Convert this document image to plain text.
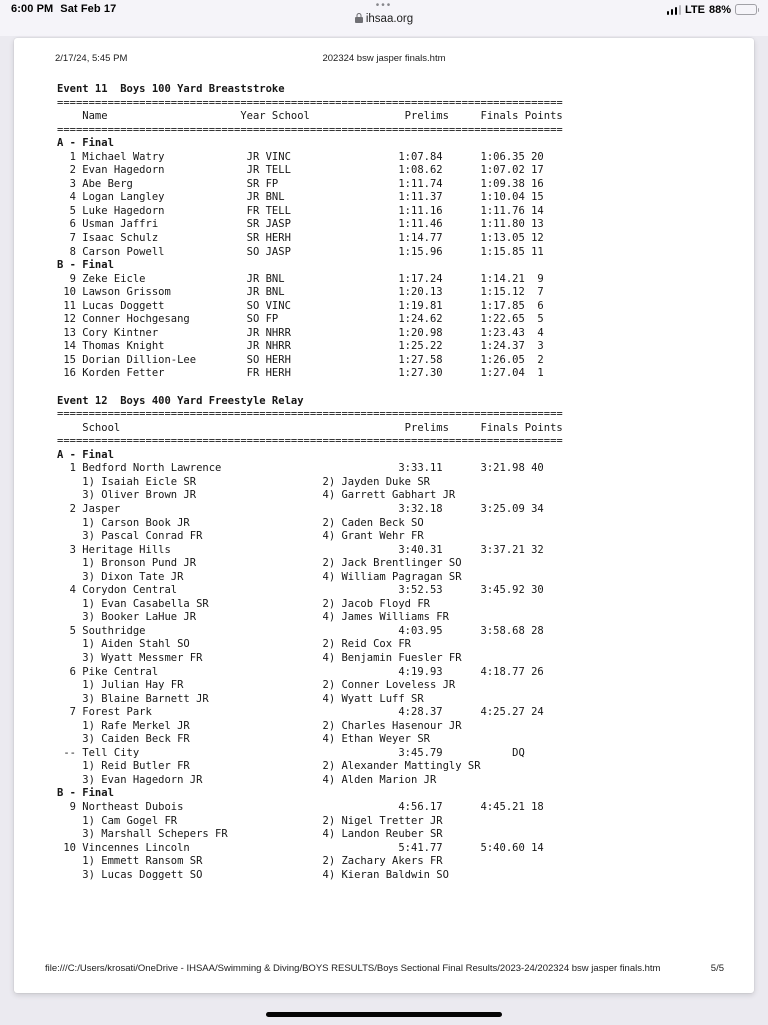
6:00 PM Sat Feb 17	•••
ihsaa.org
LTE 88%
2/17/24, 5:45 PM	202324 bsw jasper finals.htm
Event 11  Boys 100 Yard Breaststroke
================================================================================
Name                     Year School               Prelims     Finals Points
================================================================================
A - Final
1 Michael Watry             JR VINC                 1:07.84      1:06.35 20
2 Evan Hagedorn             JR TELL                 1:08.62      1:07.02 17
3 Abe Berg                  SR FP                   1:11.74      1:09.38 16
4 Logan Langley             JR BNL                  1:11.37      1:10.04 15
5 Luke Hagedorn             FR TELL                 1:11.16      1:11.76 14
6 Usman Jaffri              SR JASP                 1:11.46      1:11.80 13
7 Isaac Schulz              SR HERH                 1:14.77      1:13.05 12
8 Carson Powell             SO JASP                 1:15.96      1:15.85 11
B - Final
9 Zeke Eicle                JR BNL                  1:17.24      1:14.21  9
10 Lawson Grissom            JR BNL                  1:20.13      1:15.12  7
11 Lucas Doggett             SO VINC                 1:19.81      1:17.85  6
12 Conner Hochgesang         SO FP                   1:24.62      1:22.65  5
13 Cory Kintner              JR NHRR                 1:20.98      1:23.43  4
14 Thomas Knight             JR NHRR                 1:25.22      1:24.37  3
15 Dorian Dillion-Lee        SO HERH                 1:27.58      1:26.05  2
16 Korden Fetter             FR HERH                 1:27.30      1:27.04  1

Event 12  Boys 400 Yard Freestyle Relay
================================================================================
School                                             Prelims     Finals Points
================================================================================
A - Final
1 Bedford North Lawrence                            3:33.11      3:21.98 40
1) Isaiah Eicle SR                    2) Jayden Duke SR
3) Oliver Brown JR                    4) Garrett Gabhart JR
2 Jasper                                            3:32.18      3:25.09 34
1) Carson Book JR                     2) Caden Beck SO
3) Pascal Conrad FR                   4) Grant Wehr FR
3 Heritage Hills                                    3:40.31      3:37.21 32
1) Bronson Pund JR                    2) Jack Brentlinger SO
3) Dixon Tate JR                      4) William Pagragan SR
4 Corydon Central                                   3:52.53      3:45.92 30
1) Evan Casabella SR                  2) Jacob Floyd FR
3) Booker LaHue JR                    4) James Williams FR
5 Southridge                                        4:03.95      3:58.68 28
1) Aiden Stahl SO                     2) Reid Cox FR
3) Wyatt Messmer FR                   4) Benjamin Fuesler FR
6 Pike Central                                      4:19.93      4:18.77 26
1) Julian Hay FR                      2) Conner Loveless JR
3) Blaine Barnett JR                  4) Wyatt Luff SR
7 Forest Park                                       4:28.37      4:25.27 24
1) Rafe Merkel JR                     2) Charles Hasenour JR
3) Caiden Beck FR                     4) Ethan Weyer SR
-- Tell City                                         3:45.79           DQ
1) Reid Butler FR                     2) Alexander Mattingly SR
3) Evan Hagedorn JR                   4) Alden Marion JR
B - Final
9 Northeast Dubois                                  4:56.17      4:45.21 18
1) Cam Gogel FR                       2) Nigel Tretter JR
3) Marshall Schepers FR               4) Landon Reuber SR
10 Vincennes Lincoln                                 5:41.77      5:40.60 14
1) Emmett Ransom SR                   2) Zachary Akers FR
3) Lucas Doggett SO                   4) Kieran Baldwin SO
file:///C:/Users/krosati/OneDrive - IHSAA/Swimming & Diving/BOYS RESULTS/Boys Sectional Final Results/2023-24/202324 bsw jasper finals.htm	5/5
